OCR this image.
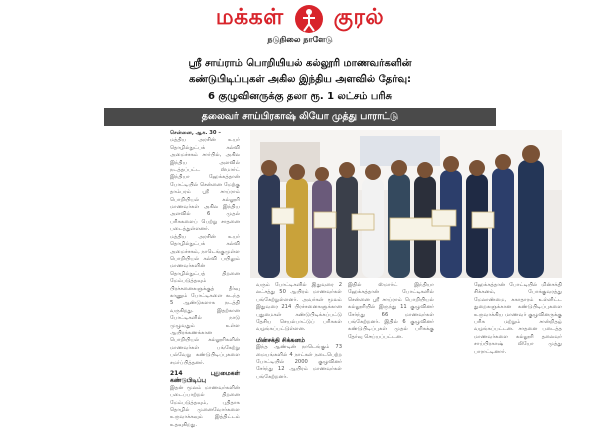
மக்கள் குரல்
நடுநிலை நாளேடு
ஸ்ரீ சாய்ராம் பொறியியல் கல்லூரி மாணவர்களின்
கண்டுபிடிப்புகள் அகில இந்திய அளவில் தேர்வு:
6 குழுவினருக்கு தலா ரூ. 1 லட்சம் பரிசு
தலைவர் சாய்பிரகாஷ் லியோ முத்து பாராட்டு
சென்னை, ஆக. 30 –
மத்திய அரசின் உயர் தொழில்நுட்பக் கல்வி அமைச்சகம் சார்பில், அகில இந்திய அளவில் நடத்தப்பட்ட ஸ்மார்ட் இந்தியா ஹேக்கத்தான் போட்டியில் சென்னை மேற்கு தாம்பரம் ஸ்ரீ சாய்ராம் பொறியியல் கல்லூரி மாணவர்கள் அகில இந்திய அளவில் 6 முதல் பரிசுகளைப் பெற்று சாதனை படைத்துள்ளனர்.
மத்திய அரசின் உயர் தொழில்நுட்பக் கல்வி அமைச்சகம், நாடெங்குமுள்ள பொறியியல் கல்வி பயிலும் மாணவர்களின் தொழில்நுட்பத் திறனை மேம்படுத்தவும் பிரச்சனைகளுக்குத் தீர்வு காணும் போட்டிகளை கடந்த 5 ஆண்டுகளாக நடத்தி வருகிறது. இதற்கான போட்டிகளில் நாடு முழுவதும் உள்ள ஆயிரக்கணக்கான பொறியியல் கல்லூரிகளின் மாணவர்கள் பங்கேற்று பல்வேறு கண்டுபிடிப்புகளை சமர்ப்பித்தனர்.
214 புதுமைகள் கண்டுபிடிப்பு
இதன் மூலம் மாணவர்களின் படைப்பாற்றல் திறனை மேம்படுத்தவும், புதிதாக தொழில் முனைவோர்களை உருவாக்கவும் இத்திட்டம் உதவுகிறது.
வரும் போட்டிகளில் இதுவரை 2 லட்சத்து 50 ஆயிரம் மாணவர்கள் பங்கேற்றுள்ளனர். அவர்கள் மூலம் இதுவரை 214 பிரச்சனைகளுக்கான புதுமைகள் கண்டுபிடிக்கப்பட்டு தேசிய செயல்பாட்டுப் பரிசுகள் வழங்கப்பட்டுள்ளன.
மின்சக்தி சிக்கனம்
இந்த ஆண்டின் நாடெங்கும் 73 மையங்களில் 4 நாட்கள் நடைபெற்ற போட்டியில் 2000 குழுவினர் சேர்ந்து 12 ஆயிரம் மாணவர்கள் பங்கேற்றனர்.
இதில் ஸ்மார்ட் இந்தியா ஹேக்கத்தான் போட்டிகளில் சென்னை ஸ்ரீ சாய்ராம் பொறியியல் கல்லூரியில் இருந்து 11 குழுவினர் சேர்ந்து 66 மாணவர்கள் பங்கேற்றனர். இதில் 6 குழுவினர் கண்டுபிடிப்புகள் முதல் பரிசுக்கு தேர்வு செய்யப்பட்டன.
ஹேக்கத்தான் போட்டியில் மின்சக்தி சிக்கனம், போக்குவரத்து மேலாண்மை, சுகாதாரம் உள்ளிட்ட துறைகளுக்கான கண்டுபிடிப்புகளை உருவாக்கிய மாணவர் குழுவினருக்கு பரிசு மற்றும் சான்றிதழ் வழங்கப்பட்டன. சாதனை படைத்த மாணவர்களை கல்லூரி தலைவர் சாய்பிரகாஷ் லியோ முத்து பாராட்டினார்.
